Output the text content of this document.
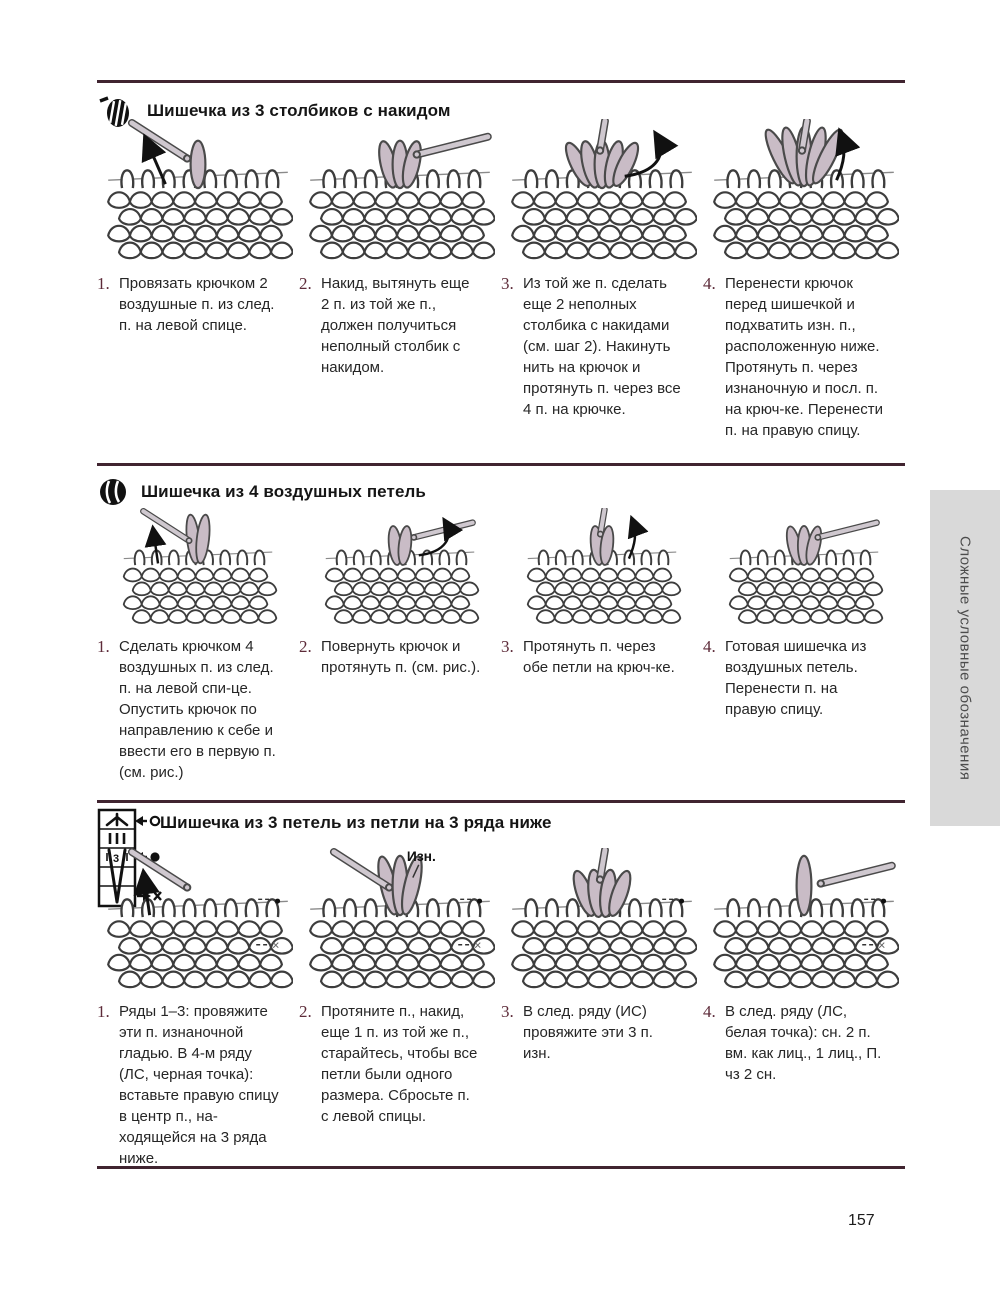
Сложные условные обозначения
Шишечка из 3 столбиков с накидом
1. Провязать крючком 2 воздушные п. из след. п. на левой спице.
2. Накид, вытянуть еще 2 п. из той же п., должен получиться неполный столбик с накидом.
3. Из той же п. сделать еще 2 неполных столбика с накидами (см. шаг 2). Накинуть нить на крючок и протянуть п. через все 4 п. на крючке.
4. Перенести крючок перед шишечкой и подхватить изн. п., расположенную ниже. Протянуть п. через изнаночную и посл. п. на крюч-ке. Перенести п. на правую спицу.
Шишечка из 4 воздушных петель
1. Сделать крючком 4 воздушных п. из след. п. на левой спи-це. Опустить крючок по направлению к себе и ввести его в первую п. (см. рис.)
2. Повернуть крючок и протянуть п. (см. рис.).
3. Протянуть п. через обе петли на крюч-ке.
4. Готовая шишечка из воздушных петель. Перенести п. на правую спицу.
3
Шишечка из 3 петель из петли на 3 ряда ниже
●
×
●
×
Изн.
●	●
×
1. Ряды 1–3: провяжите эти п. изнаночной гладью. В 4-м ряду (ЛС, черная точка): вставьте правую спицу в центр п., на-ходящейся на 3 ряда ниже.
2. Протяните п., накид, еще 1 п. из той же п., старайтесь, чтобы все петли были одного размера. Сбросьте п. с левой спицы.
3. В след. ряду (ИС) провяжите эти 3 п. изн.
4. В след. ряду (ЛС, белая точка): сн. 2 п. вм. как лиц., 1 лиц., П. чз 2 сн.
157
